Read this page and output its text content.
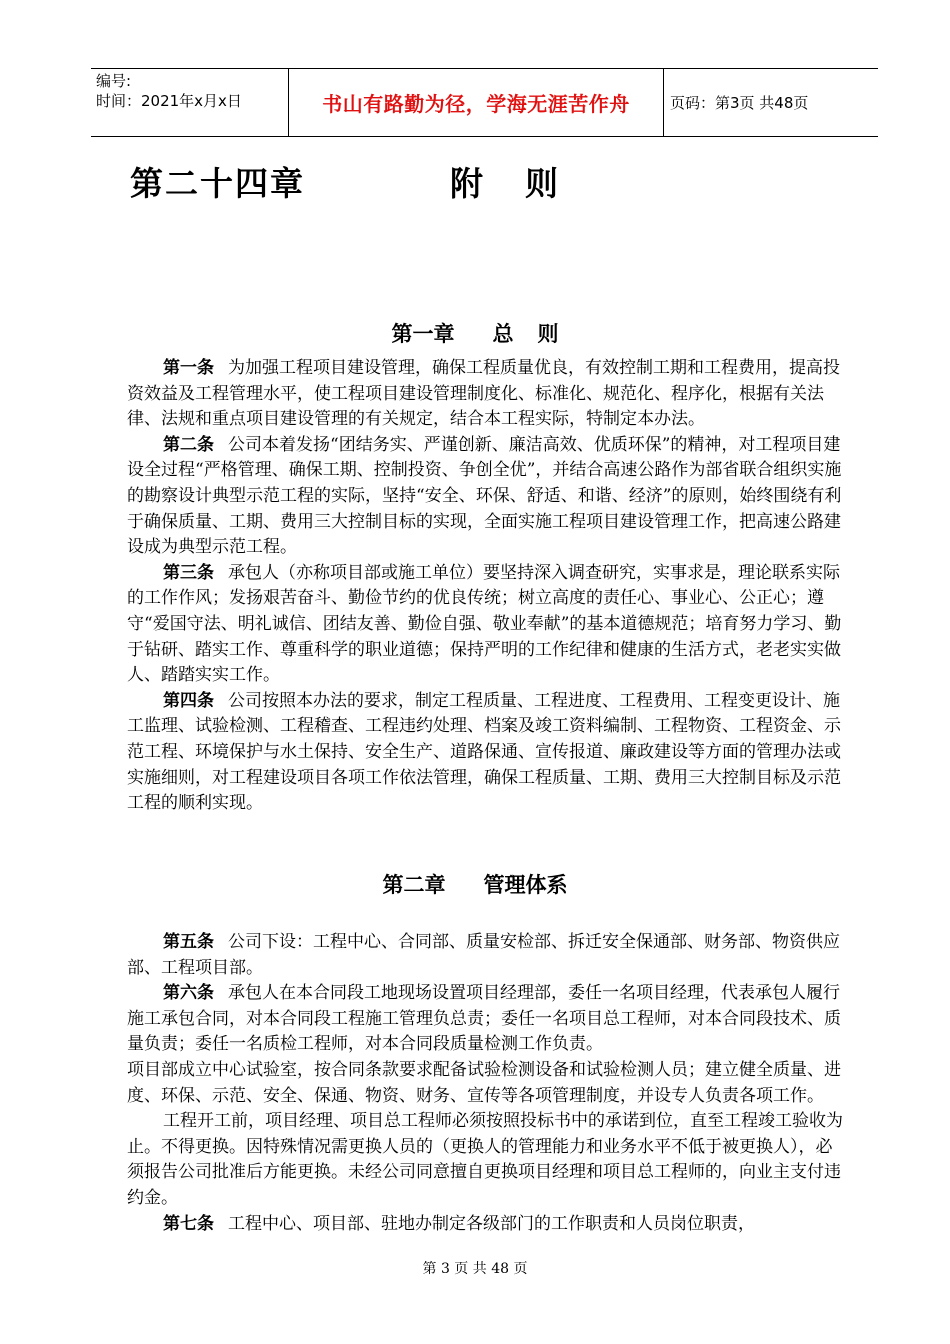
编号:
时间：2021年x月x日	书山有路勤为径，学海无涯苦作舟	页码：第3页 共48页
第二十四章	附 则
第一章 总 则

第一条 为加强工程项目建设管理，确保工程质量优良，有效控制工期和工程费用，提高投资效益及工程管理水平，使工程项目建设管理制度化、标准化、规范化、程序化，根据有关法律、法规和重点项目建设管理的有关规定，结合本工程实际，特制定本办法。

第二条 公司本着发扬“团结务实、严谨创新、廉洁高效、优质环保”的精神，对工程项目建设全过程“严格管理、确保工期、控制投资、争创全优”，并结合高速公路作为部省联合组织实施的勘察设计典型示范工程的实际，坚持“安全、环保、舒适、和谐、经济”的原则，始终围绕有利于确保质量、工期、费用三大控制目标的实现，全面实施工程项目建设管理工作，把高速公路建设成为典型示范工程。

第三条 承包人（亦称项目部或施工单位）要坚持深入调查研究，实事求是，理论联系实际的工作作风；发扬艰苦奋斗、勤俭节约的优良传统；树立高度的责任心、事业心、公正心；遵守“爱国守法、明礼诚信、团结友善、勤俭自强、敬业奉献”的基本道德规范；培育努力学习、勤于钻研、踏实工作、尊重科学的职业道德；保持严明的工作纪律和健康的生活方式，老老实实做人、踏踏实实工作。

第四条 公司按照本办法的要求，制定工程质量、工程进度、工程费用、工程变更设计、施工监理、试验检测、工程稽查、工程违约处理、档案及竣工资料编制、工程物资、工程资金、示范工程、环境保护与水土保持、安全生产、道路保通、宣传报道、廉政建设等方面的管理办法或实施细则，对工程建设项目各项工作依法管理，确保工程质量、工期、费用三大控制目标及示范工程的顺利实现。

第二章 管理体系

第五条 公司下设：工程中心、合同部、质量安检部、拆迁安全保通部、财务部、物资供应部、工程项目部。

第六条 承包人在本合同段工地现场设置项目经理部，委任一名项目经理，代表承包人履行施工承包合同，对本合同段工程施工管理负总责；委任一名项目总工程师，对本合同段技术、质量负责；委任一名质检工程师，对本合同段质量检测工作负责。

项目部成立中心试验室，按合同条款要求配备试验检测设备和试验检测人员；建立健全质量、进度、环保、示范、安全、保通、物资、财务、宣传等各项管理制度，并设专人负责各项工作。

工程开工前，项目经理、项目总工程师必须按照投标书中的承诺到位，直至工程竣工验收为止。不得更换。因特殊情况需更换人员的（更换人的管理能力和业务水平不低于被更换人），必须报告公司批准后方能更换。未经公司同意擅自更换项目经理和项目总工程师的，向业主支付违约金。

第七条 工程中心、项目部、驻地办制定各级部门的工作职责和人员岗位职责，

第 3 页 共 48 页
